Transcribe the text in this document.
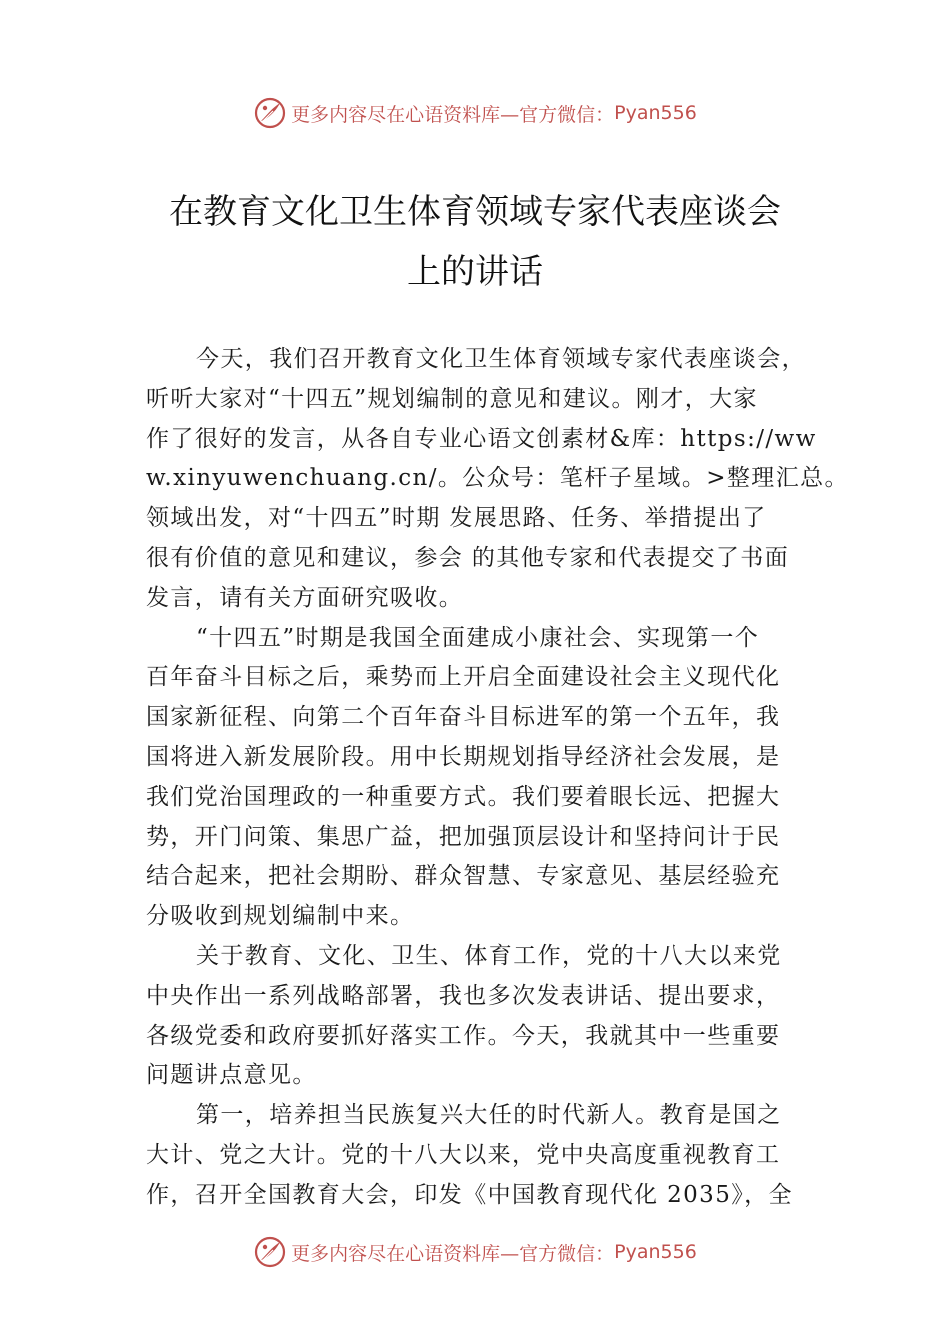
更多内容尽在心语资料库—官方微信： Pyan556
在教育文化卫生体育领域专家代表座谈会
上的讲话
今天，我们召开教育文化卫生体育领域专家代表座谈会，
听听大家对“十四五”规划编制的意见和建议。刚才，大家
作了很好的发言，从各自专业心语文创素材&库：https://ww
w.xinyuwenchuang.cn/。公众号：笔杆子星域。>整理汇总。
领域出发，对“十四五”时期 发展思路、任务、举措提出了
很有价值的意见和建议，参会 的其他专家和代表提交了书面
发言，请有关方面研究吸收。
“十四五”时期是我国全面建成小康社会、实现第一个
百年奋斗目标之后，乘势而上开启全面建设社会主义现代化
国家新征程、向第二个百年奋斗目标进军的第一个五年，我
国将进入新发展阶段。用中长期规划指导经济社会发展，是
我们党治国理政的一种重要方式。我们要着眼长远、把握大
势，开门问策、集思广益，把加强顶层设计和坚持问计于民
结合起来，把社会期盼、群众智慧、专家意见、基层经验充
分吸收到规划编制中来。
关于教育、文化、卫生、体育工作，党的十八大以来党
中央作出一系列战略部署，我也多次发表讲话、提出要求，
各级党委和政府要抓好落实工作。今天，我就其中一些重要
问题讲点意见。
第一，培养担当民族复兴大任的时代新人。教育是国之
大计、党之大计。党的十八大以来，党中央高度重视教育工
作，召开全国教育大会，印发《中国教育现代化 2035》，全
更多内容尽在心语资料库—官方微信： Pyan556
